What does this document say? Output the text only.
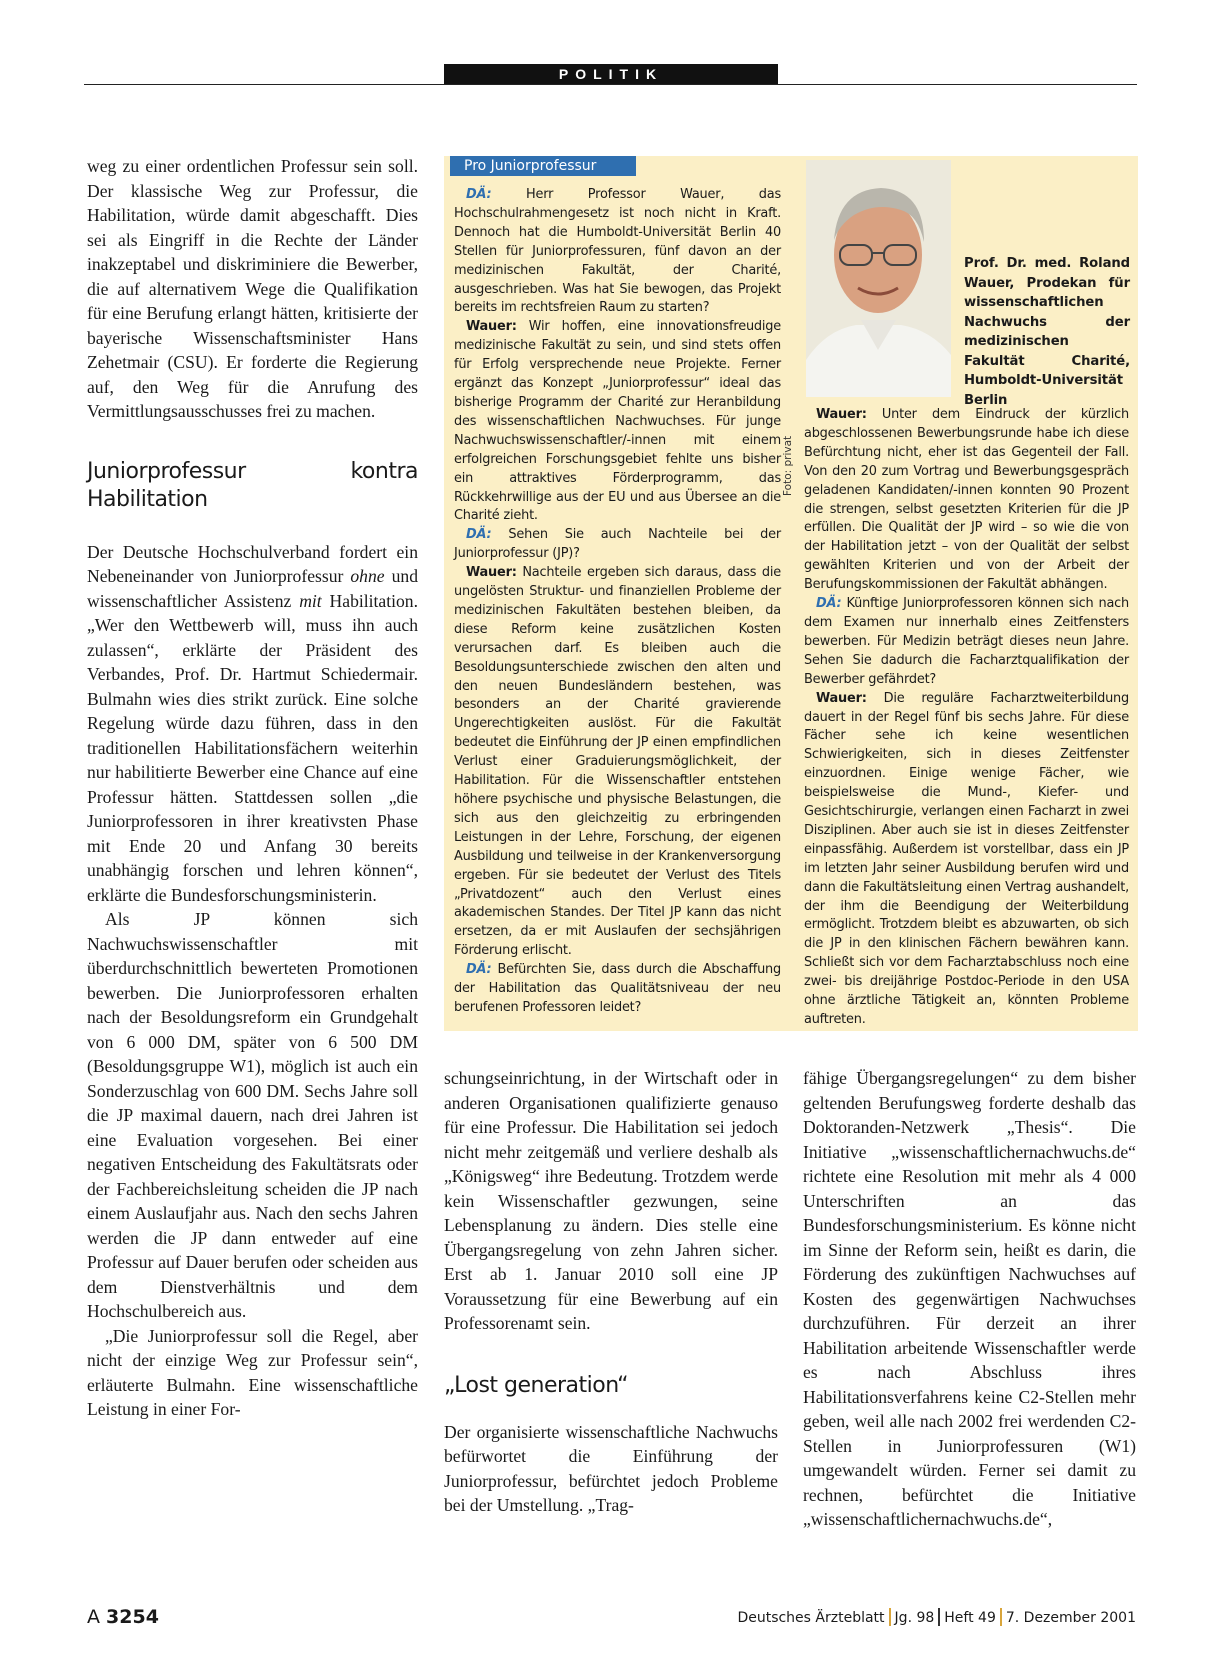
POLITIK

weg zu einer ordentlichen Professur sein soll. Der klassische Weg zur Professur, die Habilitation, würde damit abgeschafft. Dies sei als Eingriff in die Rechte der Länder inakzeptabel und diskriminiere die Bewerber, die auf alternativem Wege die Qualifikation für eine Berufung erlangt hätten, kritisierte der bayerische Wissenschaftsminister Hans Zehetmair (CSU). Er forderte die Regierung auf, den Weg für die Anrufung des Vermittlungsausschusses frei zu machen.

Juniorprofessur kontra Habilitation

Der Deutsche Hochschulverband fordert ein Nebeneinander von Juniorprofessur ohne und wissenschaftlicher Assistenz mit Habilitation. „Wer den Wettbewerb will, muss ihn auch zulassen“, erklärte der Präsident des Verbandes, Prof. Dr. Hartmut Schiedermair. Bulmahn wies dies strikt zurück. Eine solche Regelung würde dazu führen, dass in den traditionellen Habilitationsfächern weiterhin nur habilitierte Bewerber eine Chance auf eine Professur hätten. Stattdessen sollen „die Juniorprofessoren in ihrer kreativsten Phase mit Ende 20 und Anfang 30 bereits unabhängig forschen und lehren können“, erklärte die Bundesforschungsministerin.

Als JP können sich Nachwuchswissenschaftler mit überdurchschnittlich bewerteten Promotionen bewerben. Die Juniorprofessoren erhalten nach der Besoldungsreform ein Grundgehalt von 6 000 DM, später von 6 500 DM (Besoldungsgruppe W1), möglich ist auch ein Sonderzuschlag von 600 DM. Sechs Jahre soll die JP maximal dauern, nach drei Jahren ist eine Evaluation vorgesehen. Bei einer negativen Entscheidung des Fakultätsrats oder der Fachbereichsleitung scheiden die JP nach einem Auslaufjahr aus. Nach den sechs Jahren werden die JP dann entweder auf eine Professur auf Dauer berufen oder scheiden aus dem Dienstverhältnis und dem Hochschulbereich aus.

„Die Juniorprofessur soll die Regel, aber nicht der einzige Weg zur Professur sein“, erläuterte Bulmahn. Eine wissenschaftliche Leistung in einer For-

Pro Juniorprofessur

DÄ: Herr Professor Wauer, das Hochschulrahmengesetz ist noch nicht in Kraft. Dennoch hat die Humboldt-Universität Berlin 40 Stellen für Juniorprofessuren, fünf davon an der medizinischen Fakultät, der Charité, ausgeschrieben. Was hat Sie bewogen, das Projekt bereits im rechtsfreien Raum zu starten?

Wauer: Wir hoffen, eine innovationsfreudige medizinische Fakultät zu sein, und sind stets offen für Erfolg versprechende neue Projekte. Ferner ergänzt das Konzept „Juniorprofessur“ ideal das bisherige Programm der Charité zur Heranbildung des wissenschaftlichen Nachwuchses. Für junge Nachwuchswissenschaftler/-innen mit einem erfolgreichen Forschungsgebiet fehlte uns bisher ein attraktives Förderprogramm, das Rückkehrwillige aus der EU und aus Übersee an die Charité zieht.

DÄ: Sehen Sie auch Nachteile bei der Juniorprofessur (JP)?

Wauer: Nachteile ergeben sich daraus, dass die ungelösten Struktur- und finanziellen Probleme der medizinischen Fakultäten bestehen bleiben, da diese Reform keine zusätzlichen Kosten verursachen darf. Es bleiben auch die Besoldungsunterschiede zwischen den alten und den neuen Bundesländern bestehen, was besonders an der Charité gravierende Ungerechtigkeiten auslöst. Für die Fakultät bedeutet die Einführung der JP einen empfindlichen Verlust einer Graduierungsmöglichkeit, der Habilitation. Für die Wissenschaftler entstehen höhere psychische und physische Belastungen, die sich aus den gleichzeitig zu erbringenden Leistungen in der Lehre, Forschung, der eigenen Ausbildung und teilweise in der Krankenversorgung ergeben. Für sie bedeutet der Verlust des Titels „Privatdozent“ auch den Verlust eines akademischen Standes. Der Titel JP kann das nicht ersetzen, da er mit Auslaufen der sechsjährigen Förderung erlischt.

DÄ: Befürchten Sie, dass durch die Abschaffung der Habilitation das Qualitätsniveau der neu berufenen Professoren leidet?

Foto: privat
Prof. Dr. med. Roland Wauer, Prodekan für wissenschaftlichen Nachwuchs der medizinischen Fakultät Charité, Humboldt-Universität Berlin

Wauer: Unter dem Eindruck der kürzlich abgeschlossenen Bewerbungsrunde habe ich diese Befürchtung nicht, eher ist das Gegenteil der Fall. Von den 20 zum Vortrag und Bewerbungsgespräch geladenen Kandidaten/-innen konnten 90 Prozent die strengen, selbst gesetzten Kriterien für die JP erfüllen. Die Qualität der JP wird – so wie die von der Habilitation jetzt – von der Qualität der selbst gewählten Kriterien und von der Arbeit der Berufungskommissionen der Fakultät abhängen.

DÄ: Künftige Juniorprofessoren können sich nach dem Examen nur innerhalb eines Zeitfensters bewerben. Für Medizin beträgt dieses neun Jahre. Sehen Sie dadurch die Facharztqualifikation der Bewerber gefährdet?

Wauer: Die reguläre Facharztweiterbildung dauert in der Regel fünf bis sechs Jahre. Für diese Fächer sehe ich keine wesentlichen Schwierigkeiten, sich in dieses Zeitfenster einzuordnen. Einige wenige Fächer, wie beispielsweise die Mund-, Kiefer- und Gesichtschirurgie, verlangen einen Facharzt in zwei Disziplinen. Aber auch sie ist in dieses Zeitfenster einpassfähig. Außerdem ist vorstellbar, dass ein JP im letzten Jahr seiner Ausbildung berufen wird und dann die Fakultätsleitung einen Vertrag aushandelt, der ihm die Beendigung der Weiterbildung ermöglicht. Trotzdem bleibt es abzuwarten, ob sich die JP in den klinischen Fächern bewähren kann. Schließt sich vor dem Facharztabschluss noch eine zwei- bis dreijährige Postdoc-Periode in den USA ohne ärztliche Tätigkeit an, könnten Probleme auftreten.

schungseinrichtung, in der Wirtschaft oder in anderen Organisationen qualifizierte genauso für eine Professur. Die Habilitation sei jedoch nicht mehr zeitgemäß und verliere deshalb als „Königsweg“ ihre Bedeutung. Trotzdem werde kein Wissenschaftler gezwungen, seine Lebensplanung zu ändern. Dies stelle eine Übergangsregelung von zehn Jahren sicher. Erst ab 1. Januar 2010 soll eine JP Voraussetzung für eine Bewerbung auf ein Professorenamt sein.

„Lost generation“

Der organisierte wissenschaftliche Nachwuchs befürwortet die Einführung der Juniorprofessur, befürchtet jedoch Probleme bei der Umstellung. „Trag-

fähige Übergangsregelungen“ zu dem bisher geltenden Berufungsweg forderte deshalb das Doktoranden-Netzwerk „Thesis“. Die Initiative „wissenschaftlichernachwuchs.de“ richtete eine Resolution mit mehr als 4 000 Unterschriften an das Bundesforschungsministerium. Es könne nicht im Sinne der Reform sein, heißt es darin, die Förderung des zukünftigen Nachwuchses auf Kosten des gegenwärtigen Nachwuchses durchzuführen. Für derzeit an ihrer Habilitation arbeitende Wissenschaftler werde es nach Abschluss ihres Habilitationsverfahrens keine C2-Stellen mehr geben, weil alle nach 2002 frei werdenden C2-Stellen in Juniorprofessuren (W1) umgewandelt würden. Ferner sei damit zu rechnen, befürchtet die Initiative „wissenschaftlichernachwuchs.de“,

A 3254	Deutsches Ärzteblatt Jg. 98 Heft 49 7. Dezember 2001
